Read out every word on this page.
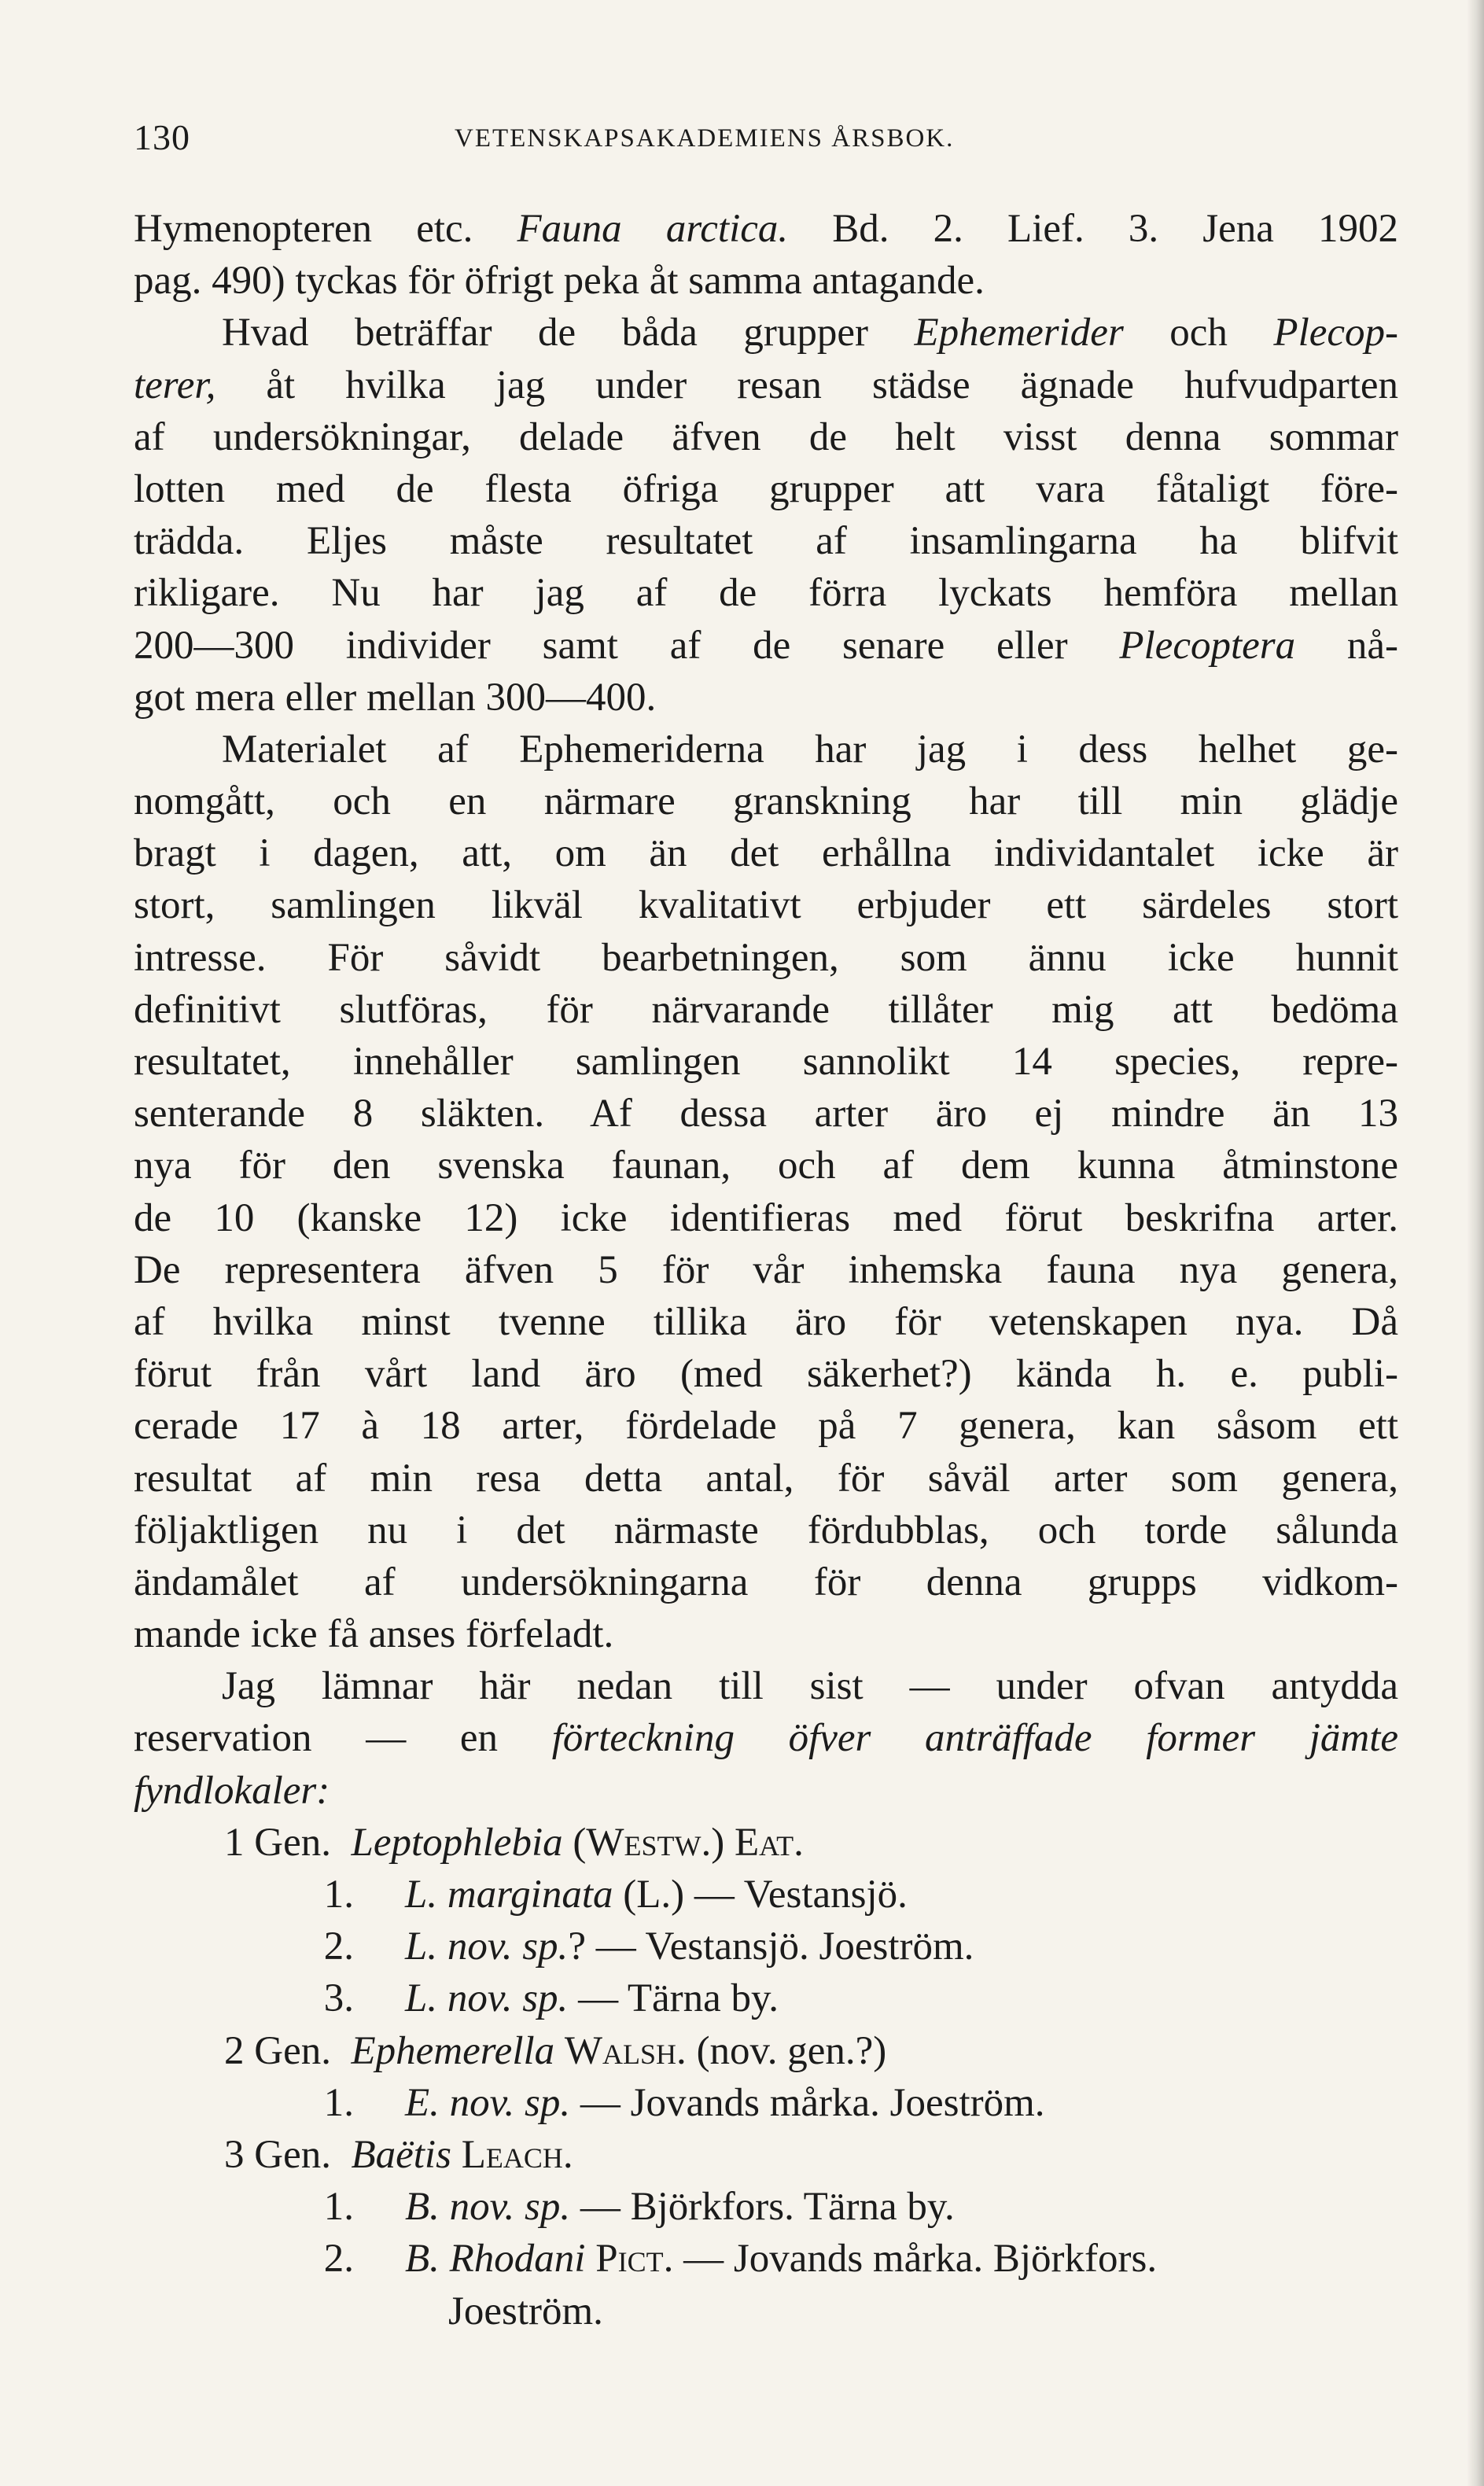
130	VETENSKAPSAKADEMIENS ÅRSBOK.
Hymenopteren etc. Fauna arctica. Bd. 2. Lief. 3. Jena 1902
pag. 490) tyckas för öfrigt peka åt samma antagande.
Hvad beträffar de båda grupper Ephemerider och Plecop-
terer, åt hvilka jag under resan städse ägnade hufvudparten
af undersökningar, delade äfven de helt visst denna sommar
lotten med de flesta öfriga grupper att vara fåtaligt före-
trädda. Eljes måste resultatet af insamlingarna ha blifvit
rikligare. Nu har jag af de förra lyckats hemföra mellan
200—300 individer samt af de senare eller Plecoptera nå-
got mera eller mellan 300—400.
Materialet af Ephemeriderna har jag i dess helhet ge-
nomgått, och en närmare granskning har till min glädje
bragt i dagen, att, om än det erhållna individantalet icke är
stort, samlingen likväl kvalitativt erbjuder ett särdeles stort
intresse. För såvidt bearbetningen, som ännu icke hunnit
definitivt slutföras, för närvarande tillåter mig att bedöma
resultatet, innehåller samlingen sannolikt 14 species, repre-
senterande 8 släkten. Af dessa arter äro ej mindre än 13
nya för den svenska faunan, och af dem kunna åtminstone
de 10 (kanske 12) icke identifieras med förut beskrifna arter.
De representera äfven 5 för vår inhemska fauna nya genera,
af hvilka minst tvenne tillika äro för vetenskapen nya. Då
förut från vårt land äro (med säkerhet?) kända h. e. publi-
cerade 17 à 18 arter, fördelade på 7 genera, kan såsom ett
resultat af min resa detta antal, för såväl arter som genera,
följaktligen nu i det närmaste fördubblas, och torde sålunda
ändamålet af undersökningarna för denna grupps vidkom-
mande icke få anses förfeladt.
Jag lämnar här nedan till sist — under ofvan antydda
reservation — en förteckning öfver anträffade former jämte
fyndlokaler:
1 Gen. Leptophlebia (Westw.) Eat.
1. L. marginata (L.) — Vestansjö.
2. L. nov. sp.? — Vestansjö. Joeström.
3. L. nov. sp. — Tärna by.
2 Gen. Ephemerella Walsh. (nov. gen.?)
1. E. nov. sp. — Jovands mårka. Joeström.
3 Gen. Baëtis Leach.
1. B. nov. sp. — Björkfors. Tärna by.
2. B. Rhodani Pict. — Jovands mårka. Björkfors.
Joeström.
